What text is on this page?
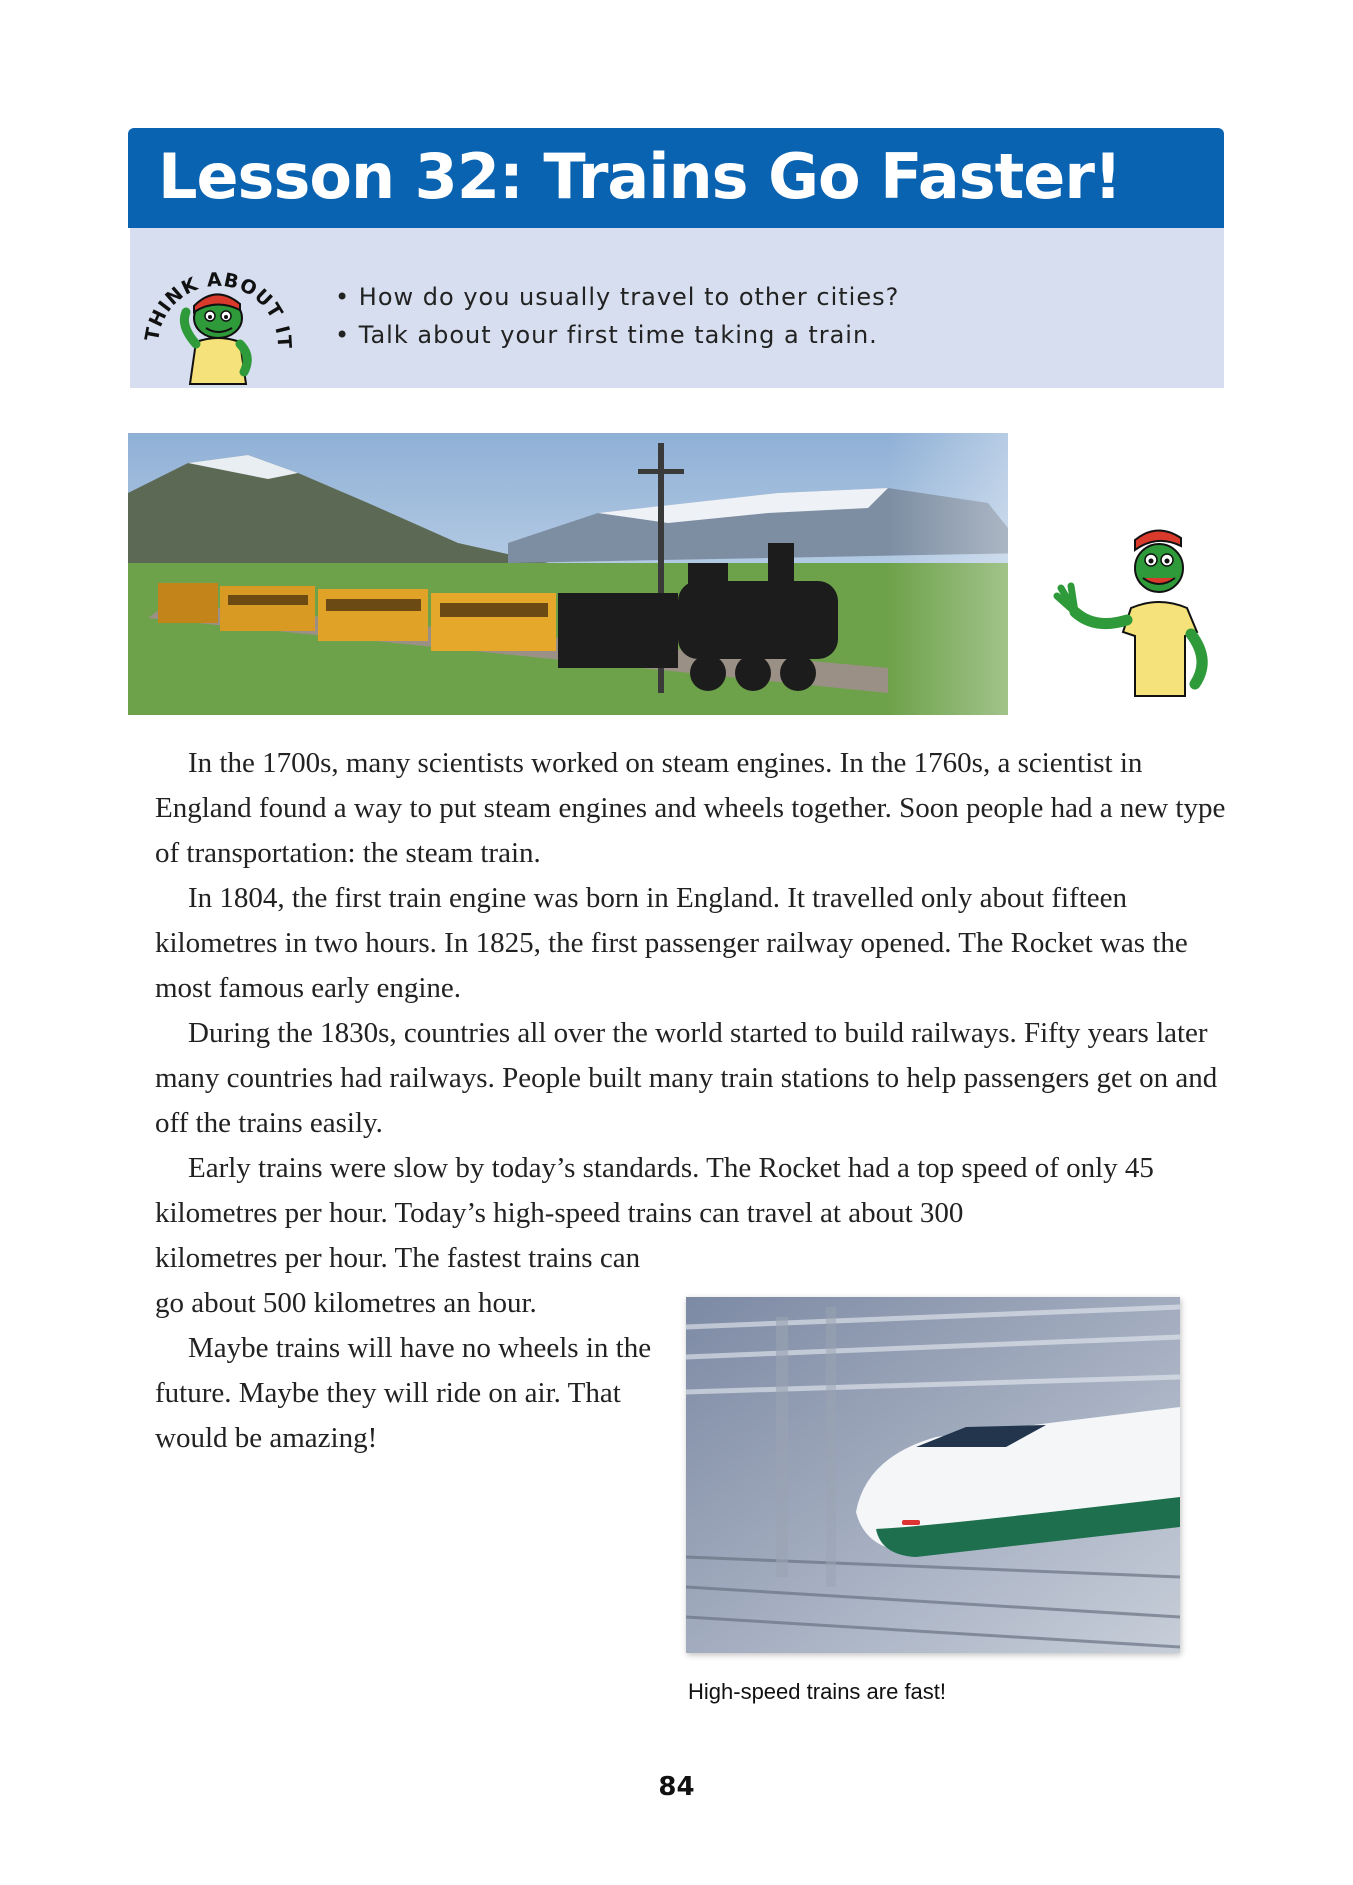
Lesson 32: Trains Go Faster!
THINK ABOUT IT
• How do you usually travel to other cities?
• Talk about your first time taking a train.

In the 1700s, many scientists worked on steam engines. In the 1760s, a scientist in England found a way to put steam engines and wheels together. Soon people had a new type of transportation: the steam train.

In 1804, the first train engine was born in England. It travelled only about fifteen kilometres in two hours. In 1825, the first passenger railway opened. The Rocket was the most famous early engine.

During the 1830s, countries all over the world started to build railways. Fifty years later many countries had railways. People built many train stations to help passengers get on and off the trains easily.

Early trains were slow by today’s standards. The Rocket had a top speed of only 45 kilometres per hour. Today’s high-speed trains can travel at about 300

kilometres per hour. The fastest trains can go about 500 kilometres an hour.

Maybe trains will have no wheels in the future. Maybe they will ride on air. That would be amazing!

High-speed trains are fast!
84
